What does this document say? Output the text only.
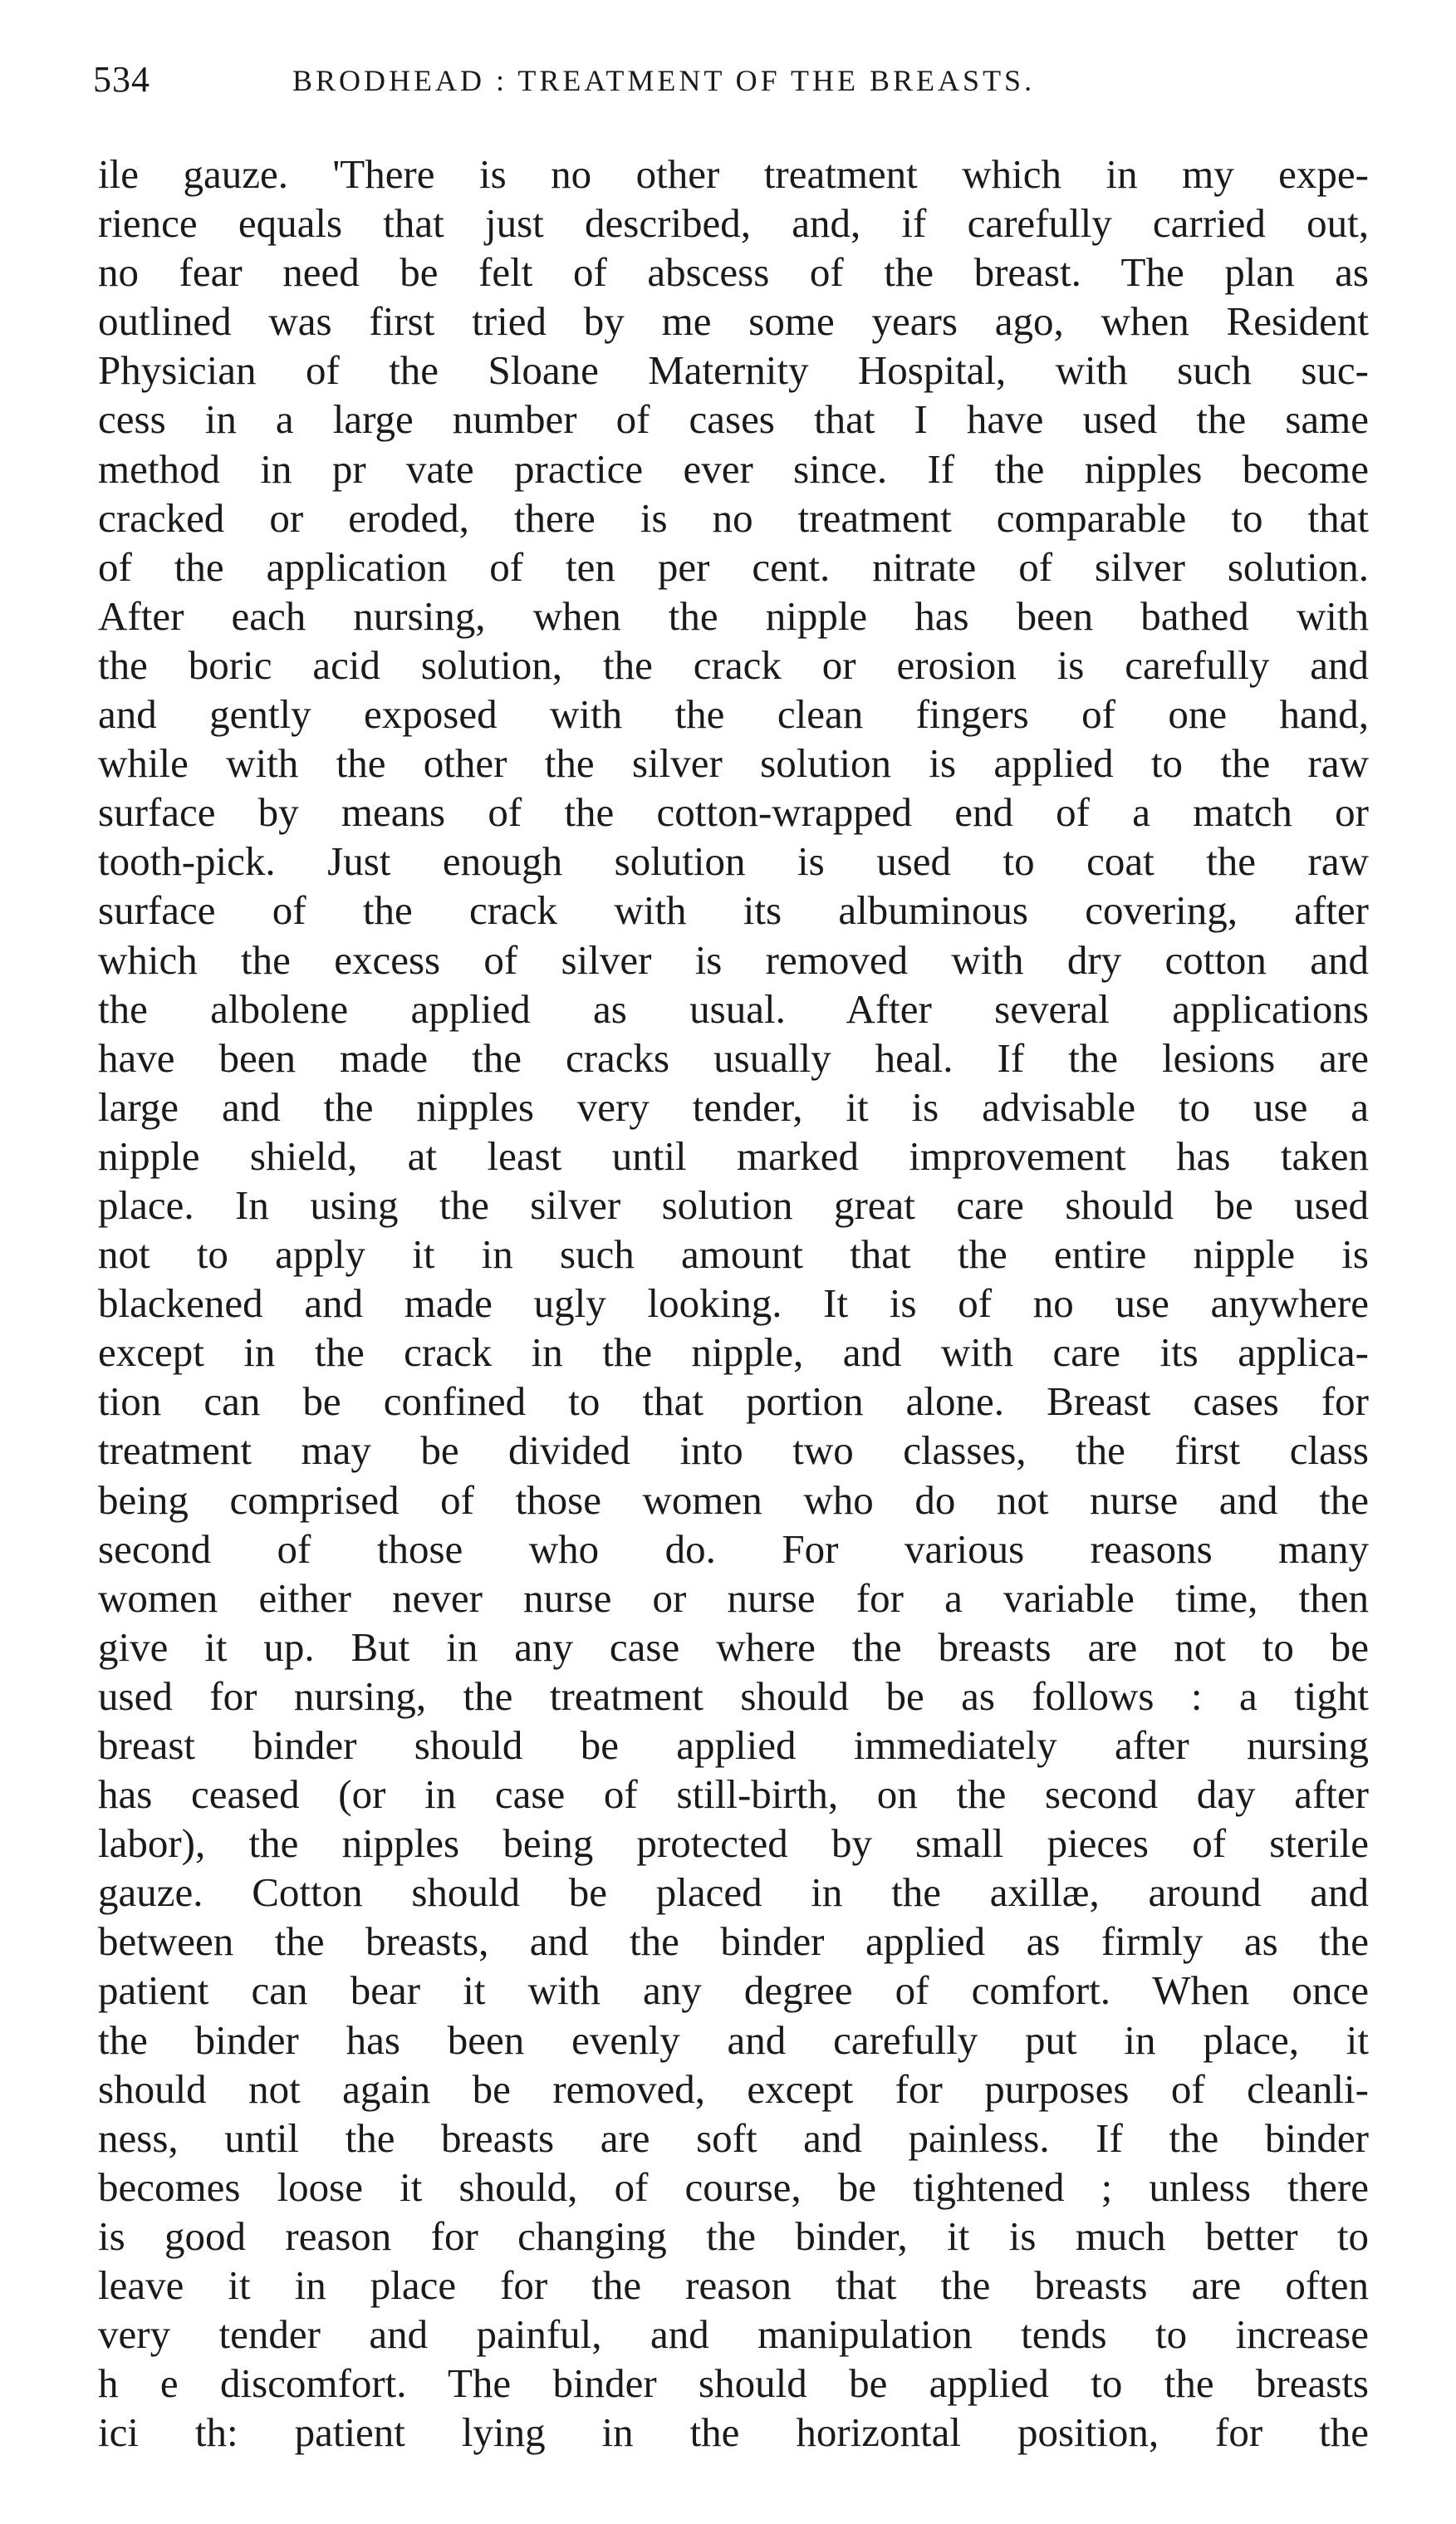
534	BRODHEAD : TREATMENT OF THE BREASTS.
ile gauze. 'There is no other treatment which in my expe-
rience equals that just described, and, if carefully carried out,
no fear need be felt of abscess of the breast. The plan as
outlined was first tried by me some years ago, when Resident
Physician of the Sloane Maternity Hospital, with such suc-
cess in a large number of cases that I have used the same
method in pr vate practice ever since. If the nipples become
cracked or eroded, there is no treatment comparable to that
of the application of ten per cent. nitrate of silver solution.
After each nursing, when the nipple has been bathed with
the boric acid solution, the crack or erosion is carefully and
and gently exposed with the clean fingers of one hand,
while with the other the silver solution is applied to the raw
surface by means of the cotton-wrapped end of a match or
tooth-pick. Just enough solution is used to coat the raw
surface of the crack with its albuminous covering, after
which the excess of silver is removed with dry cotton and
the albolene applied as usual. After several applications
have been made the cracks usually heal. If the lesions are
large and the nipples very tender, it is advisable to use a
nipple shield, at least until marked improvement has taken
place. In using the silver solution great care should be used
not to apply it in such amount that the entire nipple is
blackened and made ugly looking. It is of no use anywhere
except in the crack in the nipple, and with care its applica-
tion can be confined to that portion alone. Breast cases for
treatment may be divided into two classes, the first class
being comprised of those women who do not nurse and the
second of those who do. For various reasons many
women either never nurse or nurse for a variable time, then
give it up. But in any case where the breasts are not to be
used for nursing, the treatment should be as follows : a tight
breast binder should be applied immediately after nursing
has ceased (or in case of still-birth, on the second day after
labor), the nipples being protected by small pieces of sterile
gauze. Cotton should be placed in the axillæ, around and
between the breasts, and the binder applied as firmly as the
patient can bear it with any degree of comfort. When once
the binder has been evenly and carefully put in place, it
should not again be removed, except for purposes of cleanli-
ness, until the breasts are soft and painless. If the binder
becomes loose it should, of course, be tightened ; unless there
is good reason for changing the binder, it is much better to
leave it in place for the reason that the breasts are often
very tender and painful, and manipulation tends to increase
h e discomfort. The binder should be applied to the breasts
ici th: patient lying in the horizontal position, for the
